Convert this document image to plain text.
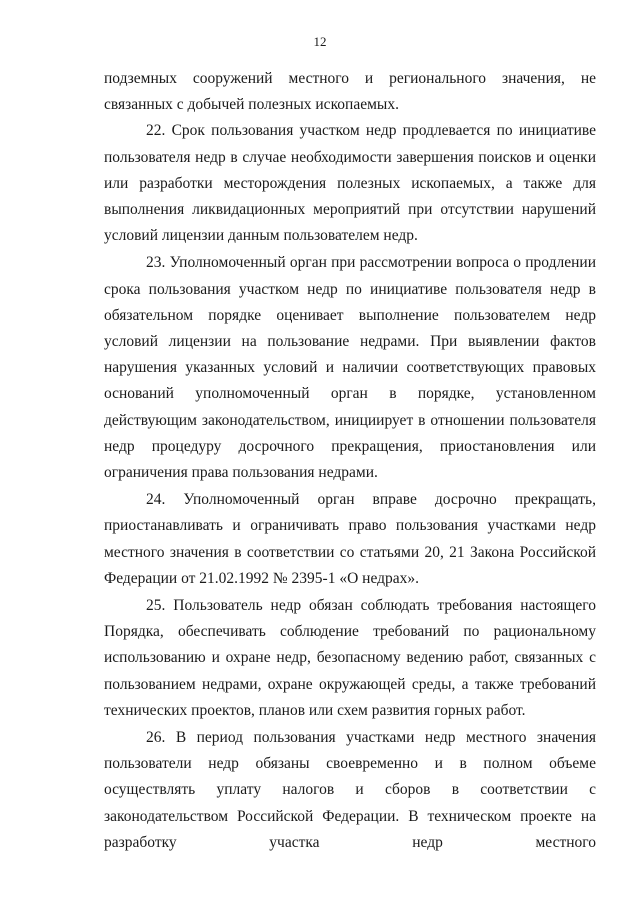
12

подземных сооружений местного и регионального значения, не связанных с добычей полезных ископаемых.

22. Срок пользования участком недр продлевается по инициативе пользователя недр в случае необходимости завершения поисков и оценки или разработки месторождения полезных ископаемых, а также для выполнения ликвидационных мероприятий при отсутствии нарушений условий лицензии данным пользователем недр.

23. Уполномоченный орган при рассмотрении вопроса о продлении срока пользования участком недр по инициативе пользователя недр в обязательном порядке оценивает выполнение пользователем недр условий лицензии на пользование недрами. При выявлении фактов нарушения указанных условий и наличии соответствующих правовых оснований уполномоченный орган в порядке, установленном действующим законодательством, инициирует в отношении пользователя недр процедуру досрочного прекращения, приостановления или ограничения права пользования недрами.

24. Уполномоченный орган вправе досрочно прекращать, приостанавливать и ограничивать право пользования участками недр местного значения в соответствии со статьями 20, 21 Закона Российской Федерации от 21.02.1992 № 2395-1 «О недрах».

25. Пользователь недр обязан соблюдать требования настоящего Порядка, обеспечивать соблюдение требований по рациональному использованию и охране недр, безопасному ведению работ, связанных с пользованием недрами, охране окружающей среды, а также требований технических проектов, планов или схем развития горных работ.

26. В период пользования участками недр местного значения пользователи недр обязаны своевременно и в полном объеме осуществлять уплату налогов и сборов в соответствии с законодательством Российской Федерации. В техническом проекте на разработку участка недр местного
